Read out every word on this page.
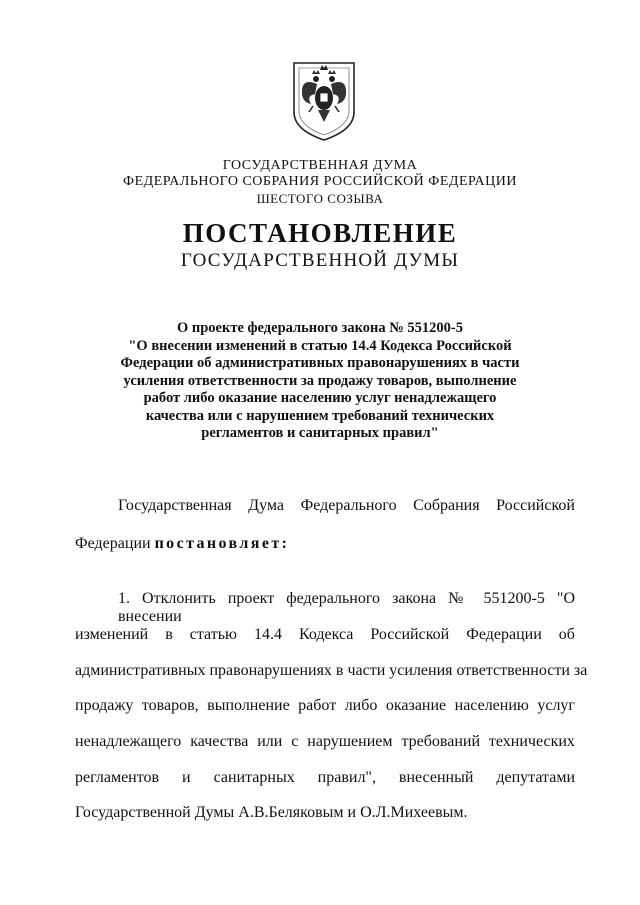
ГОСУДАРСТВЕННАЯ ДУМА
ФЕДЕРАЛЬНОГО СОБРАНИЯ РОССИЙСКОЙ ФЕДЕРАЦИИ
ШЕСТОГО СОЗЫВА
ПОСТАНОВЛЕНИЕ
ГОСУДАРСТВЕННОЙ ДУМЫ
О проекте федерального закона № 551200-5
"О внесении изменений в статью 14.4 Кодекса Российской
Федерации об административных правонарушениях в части
усиления ответственности за продажу товаров, выполнение
работ либо оказание населению услуг ненадлежащего
качества или с нарушением требований технических
регламентов и санитарных правил"
Государственная Дума Федерального Собрания Российской
Федерации постановляет:
1. Отклонить проект федерального закона № 551200-5 "О внесении
изменений в статью 14.4 Кодекса Российской Федерации об
административных правонарушениях в части усиления ответственности за
продажу товаров, выполнение работ либо оказание населению услуг
ненадлежащего качества или с нарушением требований технических
регламентов и санитарных правил", внесенный депутатами
Государственной Думы А.В.Беляковым и О.Л.Михеевым.
